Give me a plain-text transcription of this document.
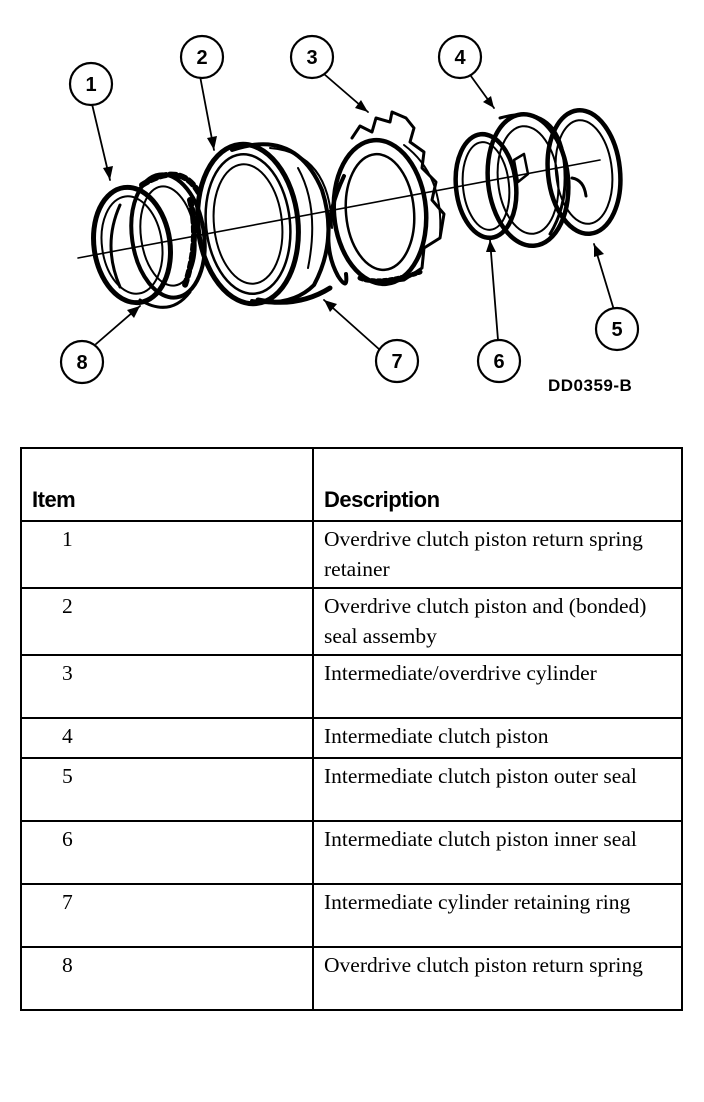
1
2	3	4
5
6
7
8
DD0359-B
Item	Description
1	Overdrive clutch piston return spring retainer
2	Overdrive clutch piston and (bonded) seal assemby
3	Intermediate/overdrive cylinder
4	Intermediate clutch piston
5	Intermediate clutch piston outer seal
6	Intermediate clutch piston inner seal
7	Intermediate cylinder retaining ring
8	Overdrive clutch piston return spring
